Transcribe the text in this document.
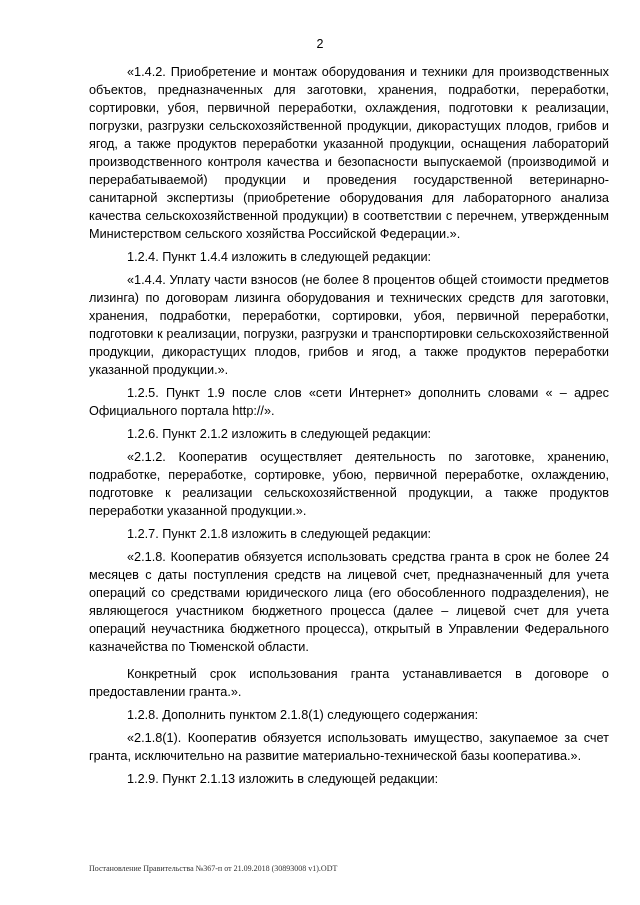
2

«1.4.2. Приобретение и монтаж оборудования и техники для производственных объектов, предназначенных для заготовки, хранения, подработки, переработки, сортировки, убоя, первичной переработки, охлаждения, подготовки к реализации, погрузки, разгрузки сельскохозяйственной продукции, дикорастущих плодов, грибов и ягод, а также продуктов переработки указанной продукции, оснащения лабораторий производственного контроля качества и безопасности выпускаемой (производимой и перерабатываемой) продукции и проведения государственной ветеринарно-санитарной экспертизы (приобретение оборудования для лабораторного анализа качества сельскохозяйственной продукции) в соответствии с перечнем, утвержденным Министерством сельского хозяйства Российской Федерации.».

1.2.4. Пункт 1.4.4 изложить в следующей редакции:

«1.4.4. Уплату части взносов (не более 8 процентов общей стоимости предметов лизинга) по договорам лизинга оборудования и технических средств для заготовки, хранения, подработки, переработки, сортировки, убоя, первичной переработки, подготовки к реализации, погрузки, разгрузки и транспортировки сельскохозяйственной продукции, дикорастущих плодов, грибов и ягод, а также продуктов переработки указанной продукции.».

1.2.5. Пункт 1.9 после слов «сети Интернет» дополнить словами « – адрес Официального портала http://».

1.2.6. Пункт 2.1.2 изложить в следующей редакции:

«2.1.2. Кооператив осуществляет деятельность по заготовке, хранению, подработке, переработке, сортировке, убою, первичной переработке, охлаждению, подготовке к реализации сельскохозяйственной продукции, а также продуктов переработки указанной продукции.».

1.2.7. Пункт 2.1.8 изложить в следующей редакции:

«2.1.8. Кооператив обязуется использовать средства гранта в срок не более 24 месяцев с даты поступления средств на лицевой счет, предназначенный для учета операций со средствами юридического лица (его обособленного подразделения), не являющегося участником бюджетного процесса (далее – лицевой счет для учета операций неучастника бюджетного процесса), открытый в Управлении Федерального казначейства по Тюменской области.

Конкретный срок использования гранта устанавливается в договоре о предоставлении гранта.».

1.2.8. Дополнить пунктом 2.1.8(1) следующего содержания:

«2.1.8(1). Кооператив обязуется использовать имущество, закупаемое за счет гранта, исключительно на развитие материально-технической базы кооператива.».

1.2.9. Пункт 2.1.13 изложить в следующей редакции:

Постановление Правительства №367-п от 21.09.2018 (30893008 v1).ODT
